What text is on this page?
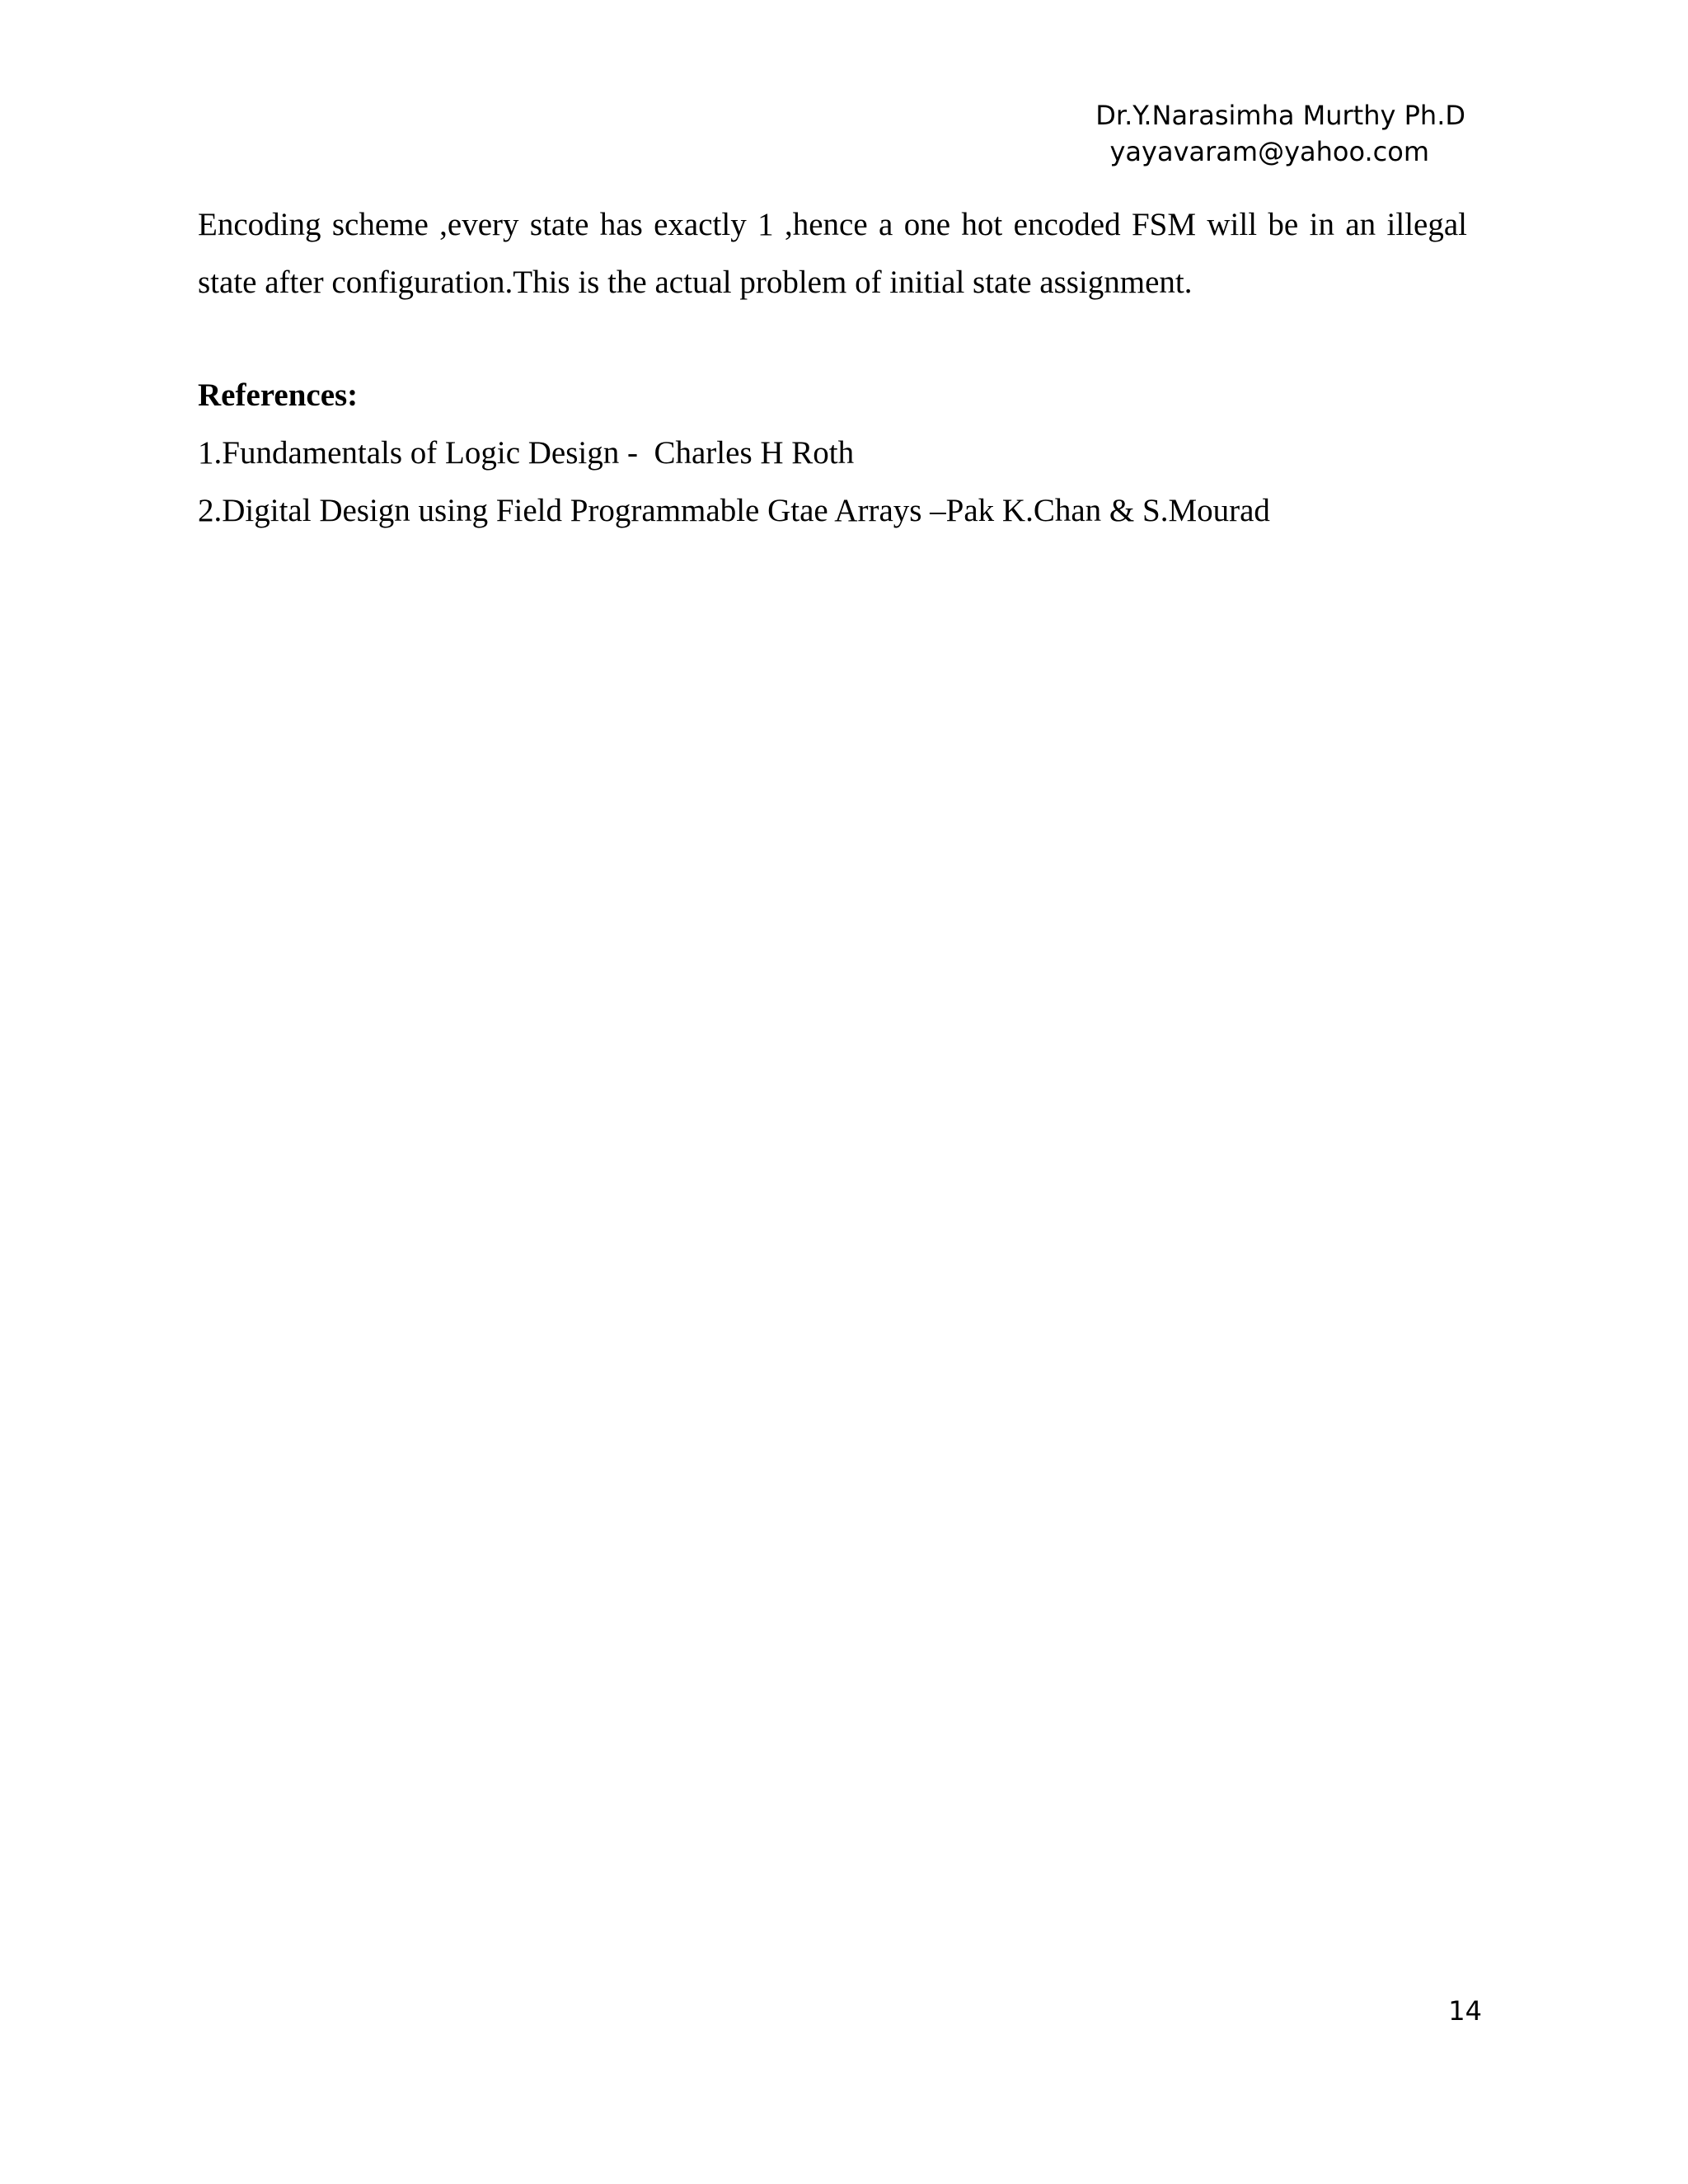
Dr.Y.Narasimha Murthy Ph.D
yayavaram@yahoo.com

Encoding scheme ,every state has exactly 1 ,hence a one hot encoded FSM will be in an illegal state after configuration.This is the actual problem of initial state assignment.

References:
1.Fundamentals of Logic Design -  Charles H Roth
2.Digital Design using Field Programmable Gtae Arrays –Pak K.Chan & S.Mourad
14
